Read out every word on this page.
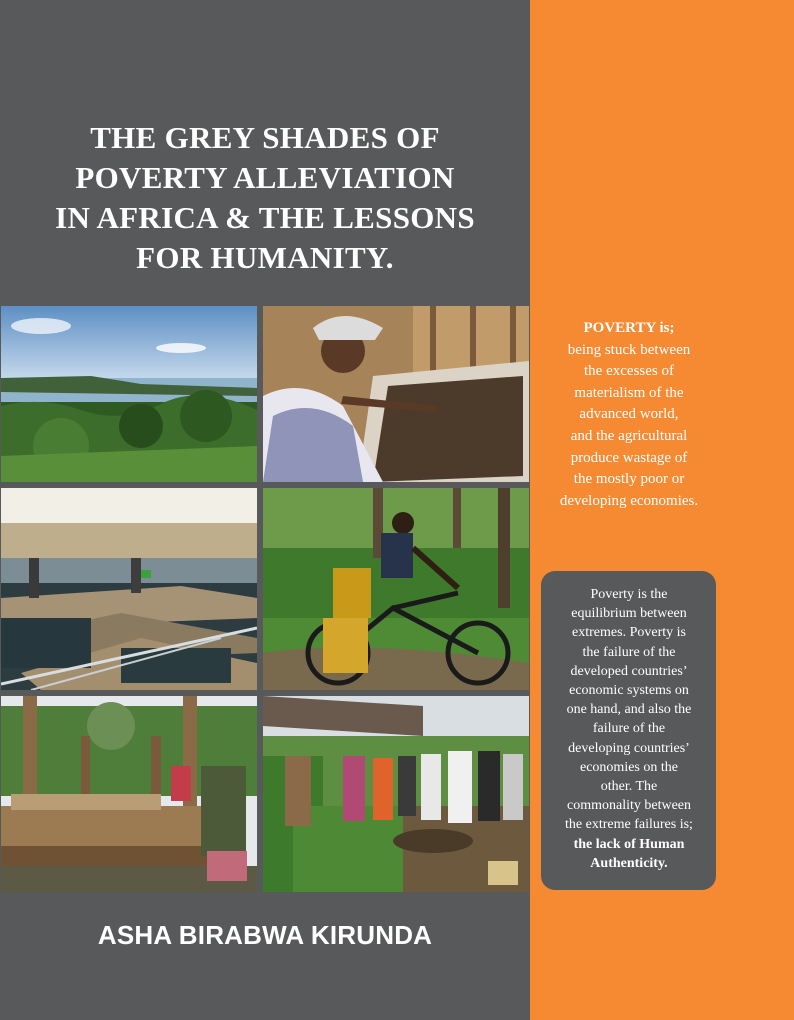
THE GREY SHADES OF
POVERTY ALLEVIATION
IN AFRICA & THE LESSONS
FOR HUMANITY.
ASHA BIRABWA KIRUNDA
POVERTY is;
being stuck between
the excesses of
materialism of the
advanced world,
and the agricultural
produce wastage of
the mostly poor or
developing economies.
Poverty is the
equilibrium between
extremes. Poverty is
the failure of the
developed countries’
economic systems on
one hand, and also the
failure of the
developing countries’
economies on the
other. The
commonality between
the extreme failures is;
the lack of Human
Authenticity.
